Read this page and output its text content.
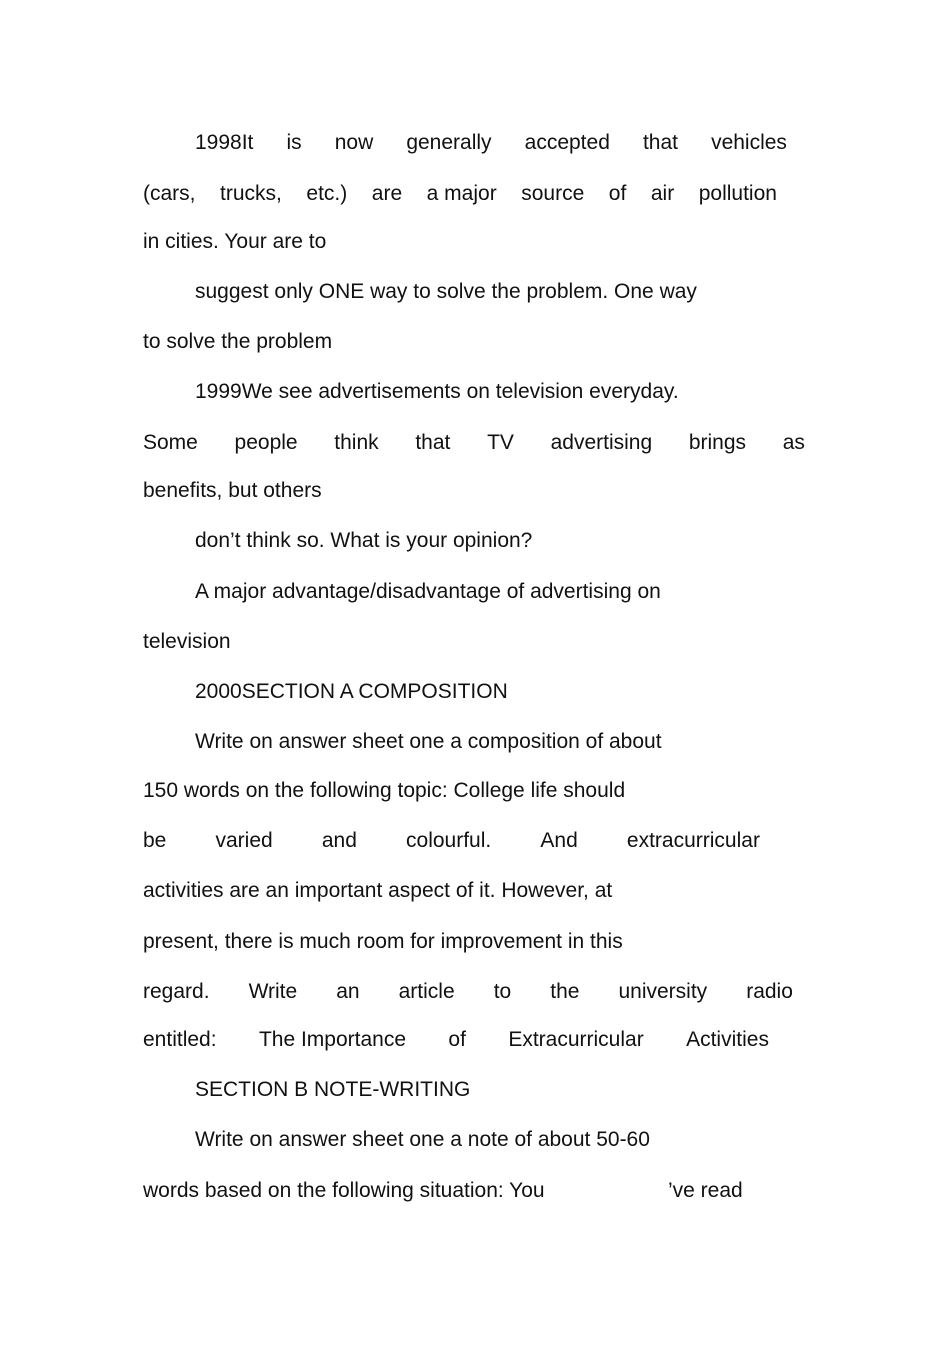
1998It is now generally accepted that vehicles
(cars, trucks, etc.) are a major source of air pollution
in cities. Your are to
suggest only ONE way to solve the problem. One way
to solve the problem
1999We see advertisements on television everyday.
Some people think that TV advertising brings as
benefits, but others
don’t think so. What is your opinion?
A major advantage/disadvantage of advertising on
television
2000SECTION A COMPOSITION
Write on answer sheet one a composition of about
150 words on the following topic: College life should
be varied and colourful. And extracurricular
activities are an important aspect of it. However, at
present, there is much room for improvement in this
regard. Write an article to the university radio
entitled: The Importance of Extracurricular Activities
SECTION B NOTE-WRITING
Write on answer sheet one a note of about 50-60
words based on the following situation: You	’ve read
